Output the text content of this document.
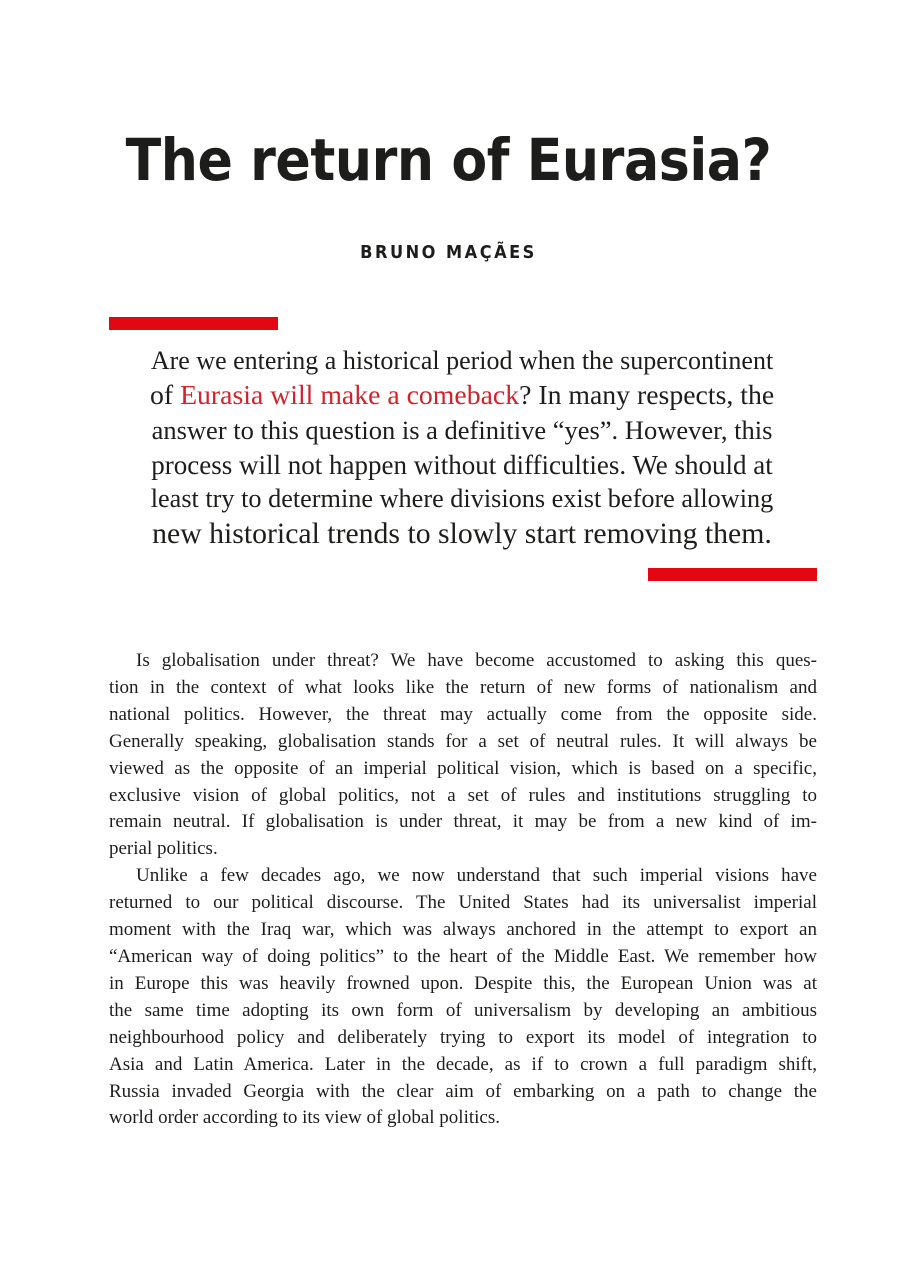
The return of Eurasia?
BRUNO MAÇÃES

Are we entering a historical period when the supercontinent
of Eurasia will make a comeback? In many respects, the
answer to this question is a definitive “yes”. However, this
process will not happen without difficulties. We should at
least try to determine where divisions exist before allowing
new historical trends to slowly start removing them.

Is globalisation under threat? We have become accustomed to asking this ques-
tion in the context of what looks like the return of new forms of nationalism and
national politics. However, the threat may actually come from the opposite side.
Generally speaking, globalisation stands for a set of neutral rules. It will always be
viewed as the opposite of an imperial political vision, which is based on a specific,
exclusive vision of global politics, not a set of rules and institutions struggling to
remain neutral. If globalisation is under threat, it may be from a new kind of im-
perial politics.
Unlike a few decades ago, we now understand that such imperial visions have
returned to our political discourse. The United States had its universalist imperial
moment with the Iraq war, which was always anchored in the attempt to export an
“American way of doing politics” to the heart of the Middle East. We remember how
in Europe this was heavily frowned upon. Despite this, the European Union was at
the same time adopting its own form of universalism by developing an ambitious
neighbourhood policy and deliberately trying to export its model of integration to
Asia and Latin America. Later in the decade, as if to crown a full paradigm shift,
Russia invaded Georgia with the clear aim of embarking on a path to change the
world order according to its view of global politics.
